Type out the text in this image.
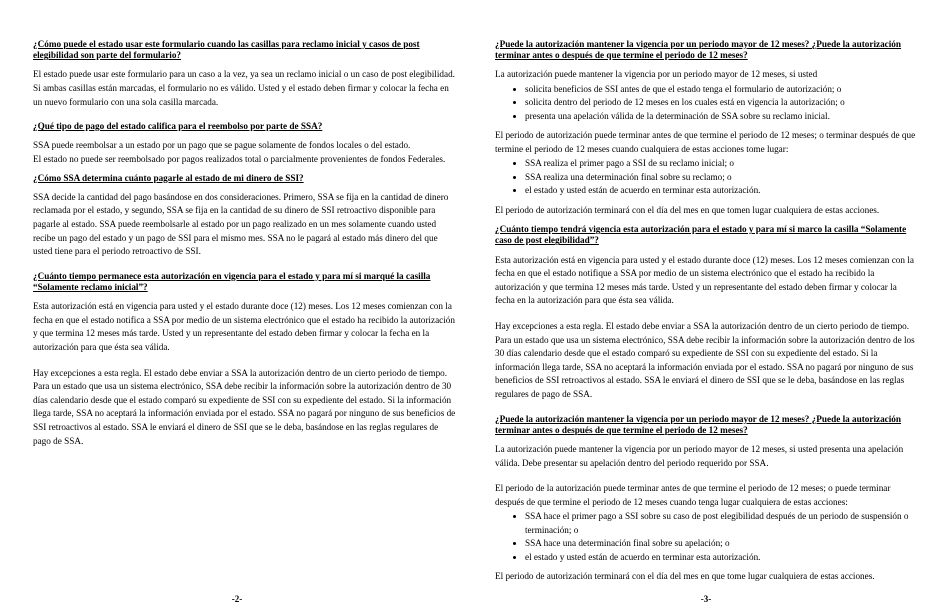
¿Cómo puede el estado usar este formulario cuando las casillas para reclamo inicial y casos de post elegibilidad son parte del formulario?
El estado puede usar este formulario para un caso a la vez, ya sea un reclamo inicial o un caso de post elegibilidad. Si ambas casillas están marcadas, el formulario no es válido. Usted y el estado deben firmar y colocar la fecha en un nuevo formulario con una sola casilla marcada.
¿Qué tipo de pago del estado califica para el reembolso por parte de SSA?
SSA puede reembolsar a un estado por un pago que se pague solamente de fondos locales o del estado.
El estado no puede ser reembolsado por pagos realizados total o parcialmente provenientes de fondos Federales.
¿Cómo SSA determina cuánto pagarle al estado de mi dinero de SSI?
SSA decide la cantidad del pago basándose en dos consideraciones. Primero, SSA se fija en la cantidad de dinero reclamada por el estado, y segundo, SSA se fija en la cantidad de su dinero de SSI retroactivo disponible para pagarle al estado. SSA puede reembolsarle al estado por un pago realizado en un mes solamente cuando usted recibe un pago del estado y un pago de SSI para el mismo mes. SSA no le pagará al estado más dinero del que usted tiene para el periodo retroactivo de SSI.
¿Cuánto tiempo permanece esta autorización en vigencia para el estado y para mí si marqué la casilla “Solamente reclamo inicial”?
Esta autorización está en vigencia para usted y el estado durante doce (12) meses. Los 12 meses comienzan con la fecha en que el estado notifica a SSA por medio de un sistema electrónico que el estado ha recibido la autorización y que termina 12 meses más tarde. Usted y un representante del estado deben firmar y colocar la fecha en la autorización para que ésta sea válida.
Hay excepciones a esta regla. El estado debe enviar a SSA la autorización dentro de un cierto periodo de tiempo. Para un estado que usa un sistema electrónico, SSA debe recibir la información sobre la autorización dentro de 30 días calendario desde que el estado comparó su expediente de SSI con su expediente del estado. Si la información llega tarde, SSA no aceptará la información enviada por el estado. SSA no pagará por ninguno de sus beneficios de SSI retroactivos al estado. SSA le enviará el dinero de SSI que se le deba, basándose en las reglas regulares de pago de SSA.
-2-
¿Puede la autorización mantener la vigencia por un periodo mayor de 12 meses? ¿Puede la autorización terminar antes o después de que termine el periodo de 12 meses?
La autorización puede mantener la vigencia por un periodo mayor de 12 meses, si usted
• solicita beneficios de SSI antes de que el estado tenga el formulario de autorización; o
• solicita dentro del periodo de 12 meses en los cuales está en vigencia la autorización; o
• presenta una apelación válida de la determinación de SSA sobre su reclamo inicial.
El periodo de autorización puede terminar antes de que termine el periodo de 12 meses; o terminar después de que termine el periodo de 12 meses cuando cualquiera de estas acciones tome lugar:
• SSA realiza el primer pago a SSI de su reclamo inicial; o
• SSA realiza una determinación final sobre su reclamo; o
• el estado y usted están de acuerdo en terminar esta autorización.
El periodo de autorización terminará con el día del mes en que tomen lugar cualquiera de estas acciones.
¿Cuánto tiempo tendrá vigencia esta autorización para el estado y para mí si marco la casilla “Solamente caso de post elegibilidad”?
Esta autorización está en vigencia para usted y el estado durante doce (12) meses. Los 12 meses comienzan con la fecha en que el estado notifique a SSA por medio de un sistema electrónico que el estado ha recibido la autorización y que termina 12 meses más tarde. Usted y un representante del estado deben firmar y colocar la fecha en la autorización para que ésta sea válida.
Hay excepciones a esta regla. El estado debe enviar a SSA la autorización dentro de un cierto periodo de tiempo. Para un estado que usa un sistema electrónico, SSA debe recibir la información sobre la autorización dentro de los 30 días calendario desde que el estado comparó su expediente de SSI con su expediente del estado. Si la información llega tarde, SSA no aceptará la información enviada por el estado. SSA no pagará por ninguno de sus beneficios de SSI retroactivos al estado. SSA le enviará el dinero de SSI que se le deba, basándose en las reglas regulares de pago de SSA.
¿Puede la autorización mantener la vigencia por un periodo mayor de 12 meses? ¿Puede la autorización terminar antes o después de que termine el periodo de 12 meses?
La autorización puede mantener la vigencia por un periodo mayor de 12 meses, si usted presenta una apelación válida. Debe presentar su apelación dentro del periodo requerido por SSA.
El periodo de la autorización puede terminar antes de que termine el periodo de 12 meses; o puede terminar después de que termine el periodo de 12 meses cuando tenga lugar cualquiera de estas acciones:
• SSA hace el primer pago a SSI sobre su caso de post elegibilidad después de un periodo de suspensión o terminación; o
• SSA hace una determinación final sobre su apelación; o
• el estado y usted están de acuerdo en terminar esta autorización.
El periodo de autorización terminará con el día del mes en que tome lugar cualquiera de estas acciones.
-3-
